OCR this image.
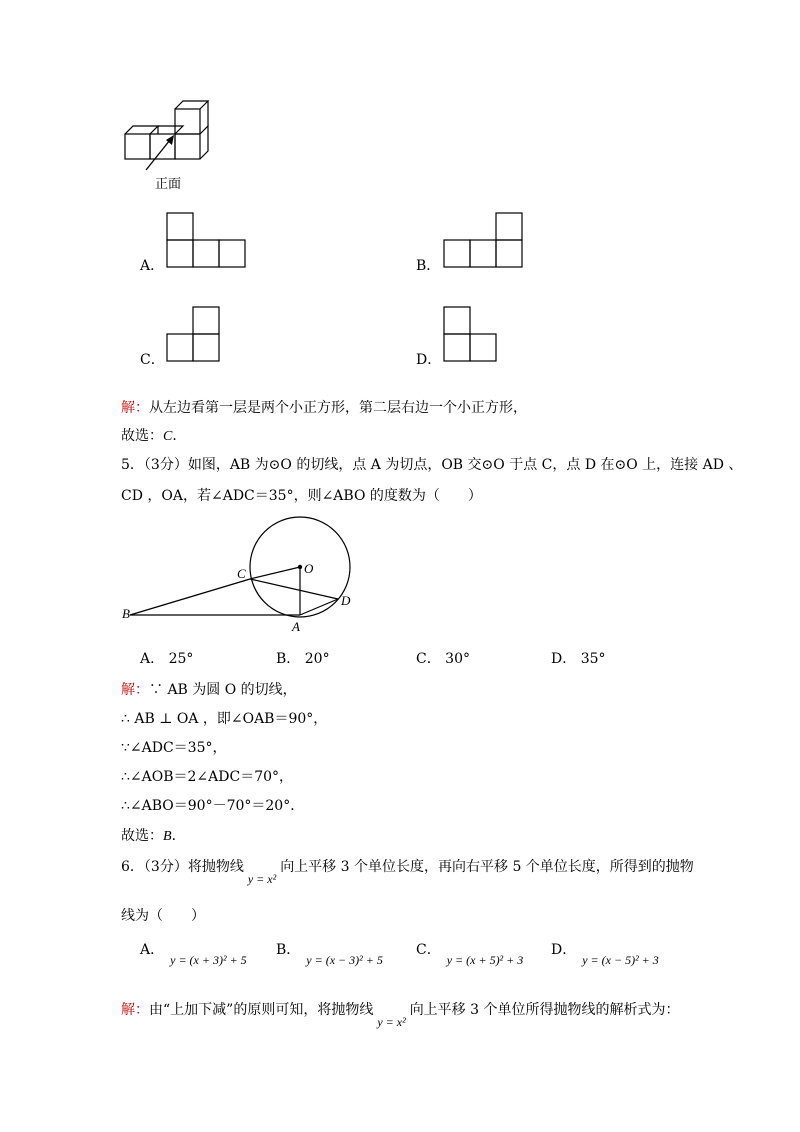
正面
A．	B．
C．	D．
解：从左边看第一层是两个小正方形，第二层右边一个小正方形，
故选：C．
5．（3分）如图，AB 为⊙O 的切线，点 A 为切点，OB 交⊙O 于点 C，点 D 在⊙O 上，连接 AD 、
CD ，OA，若∠ADC＝35°，则∠ABO 的度数为（　　）
B
C	O
D
A
A． 25°	B． 20°	C． 30°	D． 35°
解：∵ AB 为圆 O 的切线，
∴ AB ⊥ OA ，即∠OAB＝90°，
∵∠ADC＝35°，
∴∠AOB＝2∠ADC＝70°，
∴∠ABO＝90°－70°＝20°．
故选：B．
6．（3分）将抛物线y = x²向上平移 3 个单位长度，再向右平移 5 个单位长度，所得到的抛物
线为（　　）
A．y = (x + 3)² + 5
B．y = (x − 3)² + 5
C．y = (x + 5)² + 3
D．y = (x − 5)² + 3
解：由“上加下减”的原则可知，将抛物线y = x²向上平移 3 个单位所得抛物线的解析式为：
